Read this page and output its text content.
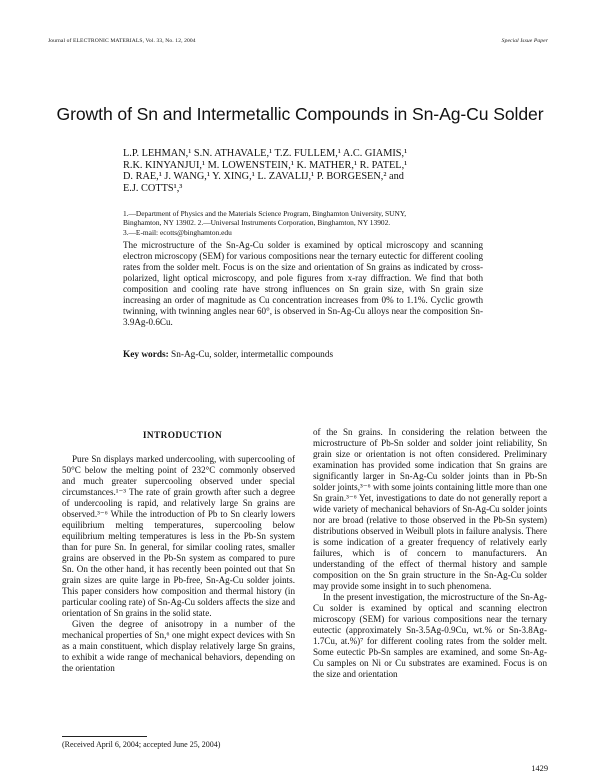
Journal of ELECTRONIC MATERIALS, Vol. 33, No. 12, 2004	Special Issue Paper
Growth of Sn and Intermetallic Compounds in Sn-Ag-Cu Solder
L.P. LEHMAN,¹ S.N. ATHAVALE,¹ T.Z. FULLEM,¹ A.C. GIAMIS,¹
R.K. KINYANJUI,¹ M. LOWENSTEIN,¹ K. MATHER,¹ R. PATEL,¹
D. RAE,¹ J. WANG,¹ Y. XING,¹ L. ZAVALIJ,¹ P. BORGESEN,² and
E.J. COTTS¹,³
1.—Department of Physics and the Materials Science Program, Binghamton University, SUNY,
Binghamton, NY 13902. 2.—Universal Instruments Corporation, Binghamton, NY 13902.
3.—E-mail: ecotts@binghamton.edu
The microstructure of the Sn-Ag-Cu solder is examined by optical microscopy and scanning electron microscopy (SEM) for various compositions near the ternary eutectic for different cooling rates from the solder melt. Focus is on the size and orientation of Sn grains as indicated by cross-polarized, light optical microscopy, and pole figures from x-ray diffraction. We find that both composition and cooling rate have strong influences on Sn grain size, with Sn grain size increasing an order of magnitude as Cu concentration increases from 0% to 1.1%. Cyclic growth twinning, with twinning angles near 60°, is observed in Sn-Ag-Cu alloys near the composition Sn-3.9Ag-0.6Cu.
Key words: Sn-Ag-Cu, solder, intermetallic compounds
INTRODUCTION

Pure Sn displays marked undercooling, with supercooling of 50°C below the melting point of 232°C commonly observed and much greater supercooling observed under special circumstances.¹⁻³ The rate of grain growth after such a degree of undercooling is rapid, and relatively large Sn grains are observed.³⁻⁶ While the introduction of Pb to Sn clearly lowers equilibrium melting temperatures, supercooling below equilibrium melting temperatures is less in the Pb-Sn system than for pure Sn. In general, for similar cooling rates, smaller grains are observed in the Pb-Sn system as compared to pure Sn. On the other hand, it has recently been pointed out that Sn grain sizes are quite large in Pb-free, Sn-Ag-Cu solder joints. This paper considers how composition and thermal history (in particular cooling rate) of Sn-Ag-Cu solders affects the size and orientation of Sn grains in the solid state.

Given the degree of anisotropy in a number of the mechanical properties of Sn,⁶ one might expect devices with Sn as a main constituent, which display relatively large Sn grains, to exhibit a wide range of mechanical behaviors, depending on the orientation

of the Sn grains. In considering the relation between the microstructure of Pb-Sn solder and solder joint reliability, Sn grain size or orientation is not often considered. Preliminary examination has provided some indication that Sn grains are significantly larger in Sn-Ag-Cu solder joints than in Pb-Sn solder joints,³⁻⁶ with some joints containing little more than one Sn grain.³⁻⁶ Yet, investigations to date do not generally report a wide variety of mechanical behaviors of Sn-Ag-Cu solder joints nor are broad (relative to those observed in the Pb-Sn system) distributions observed in Weibull plots in failure analysis. There is some indication of a greater frequency of relatively early failures, which is of concern to manufacturers. An understanding of the effect of thermal history and sample composition on the Sn grain structure in the Sn-Ag-Cu solder may provide some insight in to such phenomena.

In the present investigation, the microstructure of the Sn-Ag-Cu solder is examined by optical and scanning electron microscopy (SEM) for various compositions near the ternary eutectic (approximately Sn-3.5Ag-0.9Cu, wt.% or Sn-3.8Ag-1.7Cu, at.%)⁷ for different cooling rates from the solder melt. Some eutectic Pb-Sn samples are examined, and some Sn-Ag-Cu samples on Ni or Cu substrates are examined. Focus is on the size and orientation

(Received April 6, 2004; accepted June 25, 2004)
1429
